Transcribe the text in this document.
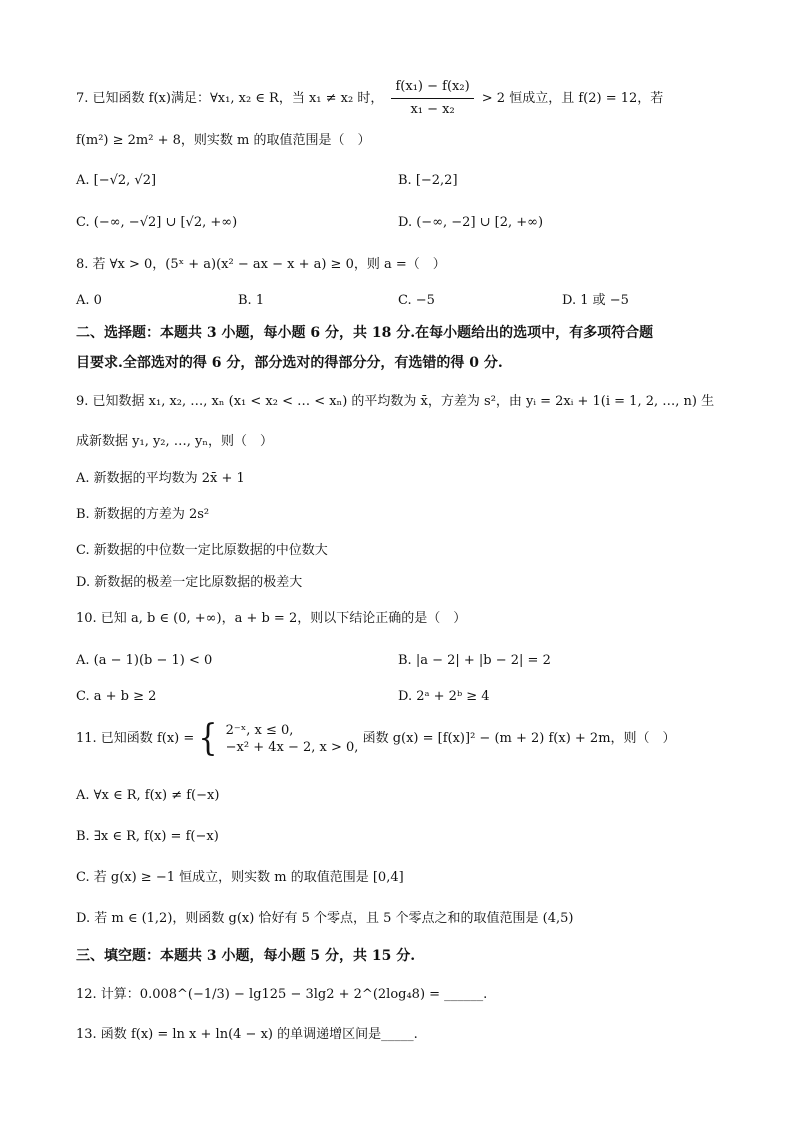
7. 已知函数 f(x)满足：∀x₁, x₂ ∈ R，当 x₁ ≠ x₂ 时， $\frac{\text{f(x₁) − f(x₂)}}{\text{x₁ − x₂}} > 2$ 恒成立，且 f(2) = 12，若
f(m²) ≥ 2m² + 8，则实数 m 的取值范围是（　）
A. [−√2, √2]	B. [−2,2]
C. (−∞, −√2] ∪ [√2, +∞)	D. (−∞, −2] ∪ [2, +∞)
8. 若 ∀x > 0，(5ˣ + a)(x² − ax − x + a) ≥ 0，则 a =（　）
A. 0	B. 1	C. −5	D. 1 或 −5
二、选择题：本题共 3 小题，每小题 6 分，共 18 分.在每小题给出的选项中，有多项符合题
目要求.全部选对的得 6 分，部分选对的得部分分，有选错的得 0 分.
9. 已知数据 x₁, x₂, …, xₙ (x₁ < x₂ < … < xₙ) 的平均数为 x̄，方差为 s²，由 yᵢ = 2xᵢ + 1(i = 1, 2, …, n) 生
成新数据 y₁, y₂, …, yₙ，则（　）
A. 新数据的平均数为 2x̄ + 1
B. 新数据的方差为 2s²
C. 新数据的中位数一定比原数据的中位数大
D. 新数据的极差一定比原数据的极差大
10. 已知 a, b ∈ (0, +∞)，a + b = 2，则以下结论正确的是（　）
A. (a − 1)(b − 1) < 0	B. |a − 2| + |b − 2| = 2
C. a + b ≥ 2	D. 2ᵃ + 2ᵇ ≥ 4
11. 已知函数 f(x) = { 2⁻ˣ, x ≤ 0,
−x² + 4x − 2, x > 0,
函数 g(x) = [f(x)]² − (m + 2) f(x) + 2m，则（　）
A. ∀x ∈ R, f(x) ≠ f(−x)
B. ∃x ∈ R, f(x) = f(−x)
C. 若 g(x) ≥ −1 恒成立，则实数 m 的取值范围是 [0,4]
D. 若 m ∈ (1,2)，则函数 g(x) 恰好有 5 个零点，且 5 个零点之和的取值范围是 (4,5)
三、填空题：本题共 3 小题，每小题 5 分，共 15 分.
12. 计算：0.008^(−1/3) − lg125 − 3lg2 + 2^(2log₄8) = ______.
13. 函数 f(x) = ln x + ln(4 − x) 的单调递增区间是_____.
